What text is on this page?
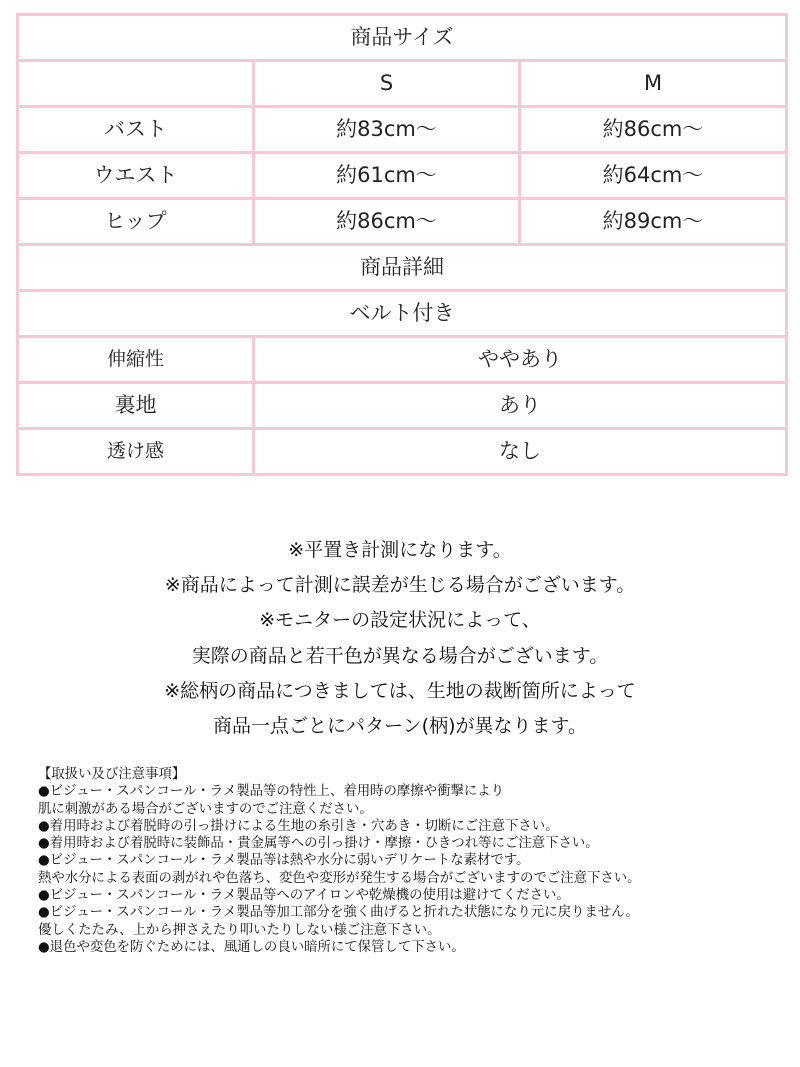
商品サイズ		
	S	M
バスト	約83cm～	約86cm～
ウエスト	約61cm～	約64cm～
ヒップ	約86cm～	約89cm～
商品詳細		
ベルト付き		
伸縮性	ややあり	
裏地	あり	
透け感	なし	
※平置き計測になります。
※商品によって計測に誤差が生じる場合がございます。
※モニターの設定状況によって、
実際の商品と若干色が異なる場合がございます。
※総柄の商品につきましては、生地の裁断箇所によって
商品一点ごとにパターン(柄)が異なります。
【取扱い及び注意事項】
●ビジュー・スパンコール・ラメ製品等の特性上、着用時の摩擦や衝撃により
肌に刺激がある場合がございますのでご注意ください。
●着用時および着脱時の引っ掛けによる生地の糸引き・穴あき・切断にご注意下さい。
●着用時および着脱時に装飾品・貴金属等への引っ掛け・摩擦・ひきつれ等にご注意下さい。
●ビジュー・スパンコール・ラメ製品等は熱や水分に弱いデリケートな素材です。
熱や水分による表面の剥がれや色落ち、変色や変形が発生する場合がございますのでご注意下さい。
●ビジュー・スパンコール・ラメ製品等へのアイロンや乾燥機の使用は避けてください。
●ビジュー・スパンコール・ラメ製品等加工部分を強く曲げると折れた状態になり元に戻りません。
優しくたたみ、上から押さえたり叩いたりしない様ご注意下さい。
●退色や変色を防ぐためには、風通しの良い暗所にて保管して下さい。
